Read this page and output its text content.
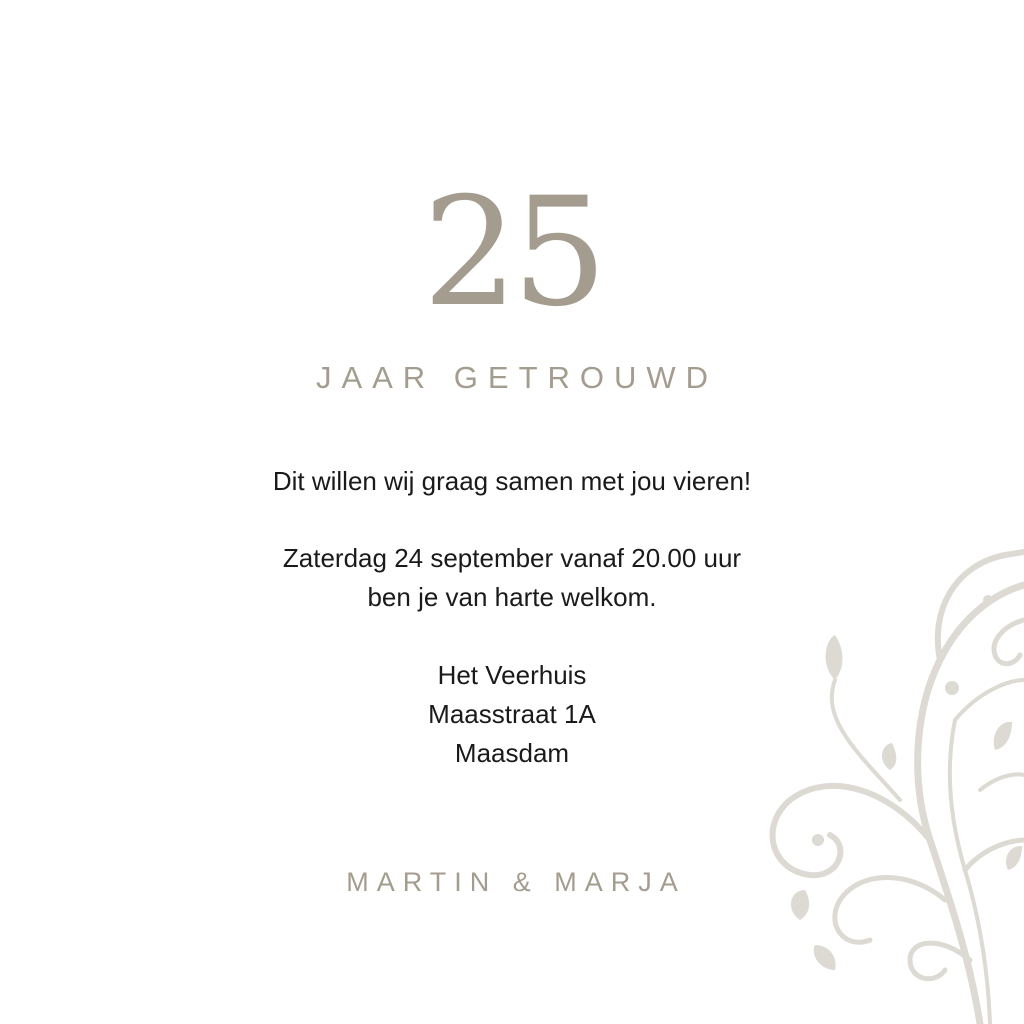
25
JAAR GETROUWD
Dit willen wij graag samen met jou vieren!
Zaterdag 24 september vanaf 20.00 uur
ben je van harte welkom.
Het Veerhuis
Maasstraat 1A
Maasdam
MARTIN & MARJA
